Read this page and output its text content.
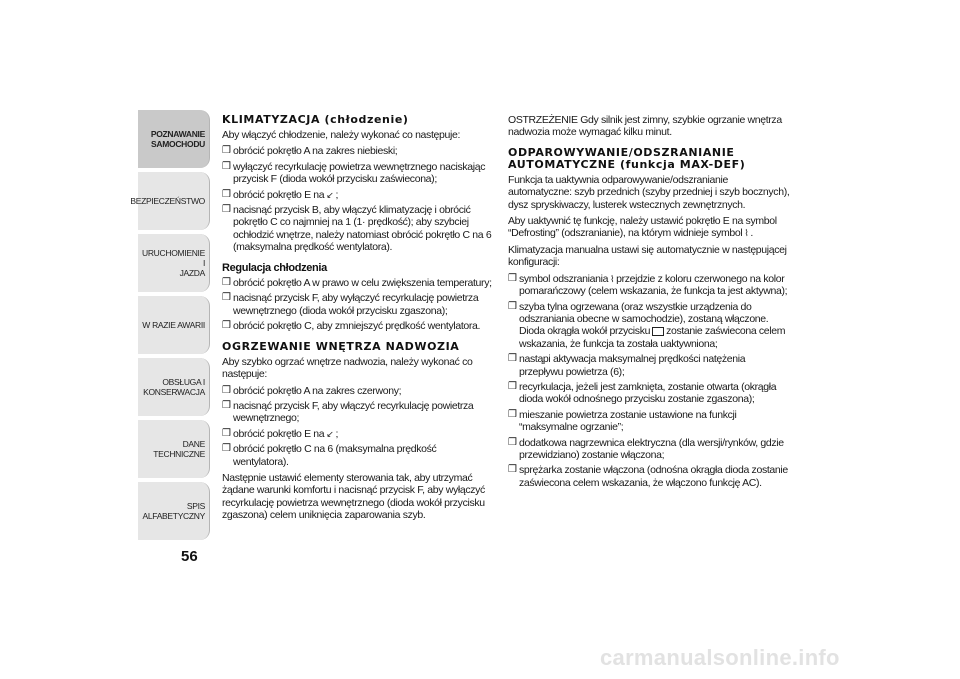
POZNAWANIE
SAMOCHODU
BEZPIECZEŃSTWO
URUCHOMIENIE I
JAZDA
W RAZIE AWARII
OBSŁUGA I
KONSERWACJA
DANE TECHNICZNE
SPIS ALFABETYCZNY
56
KLIMATYZACJA (chłodzenie)

Aby włączyć chłodzenie, należy wykonać co następuje:

❒ obrócić pokrętło A na zakres niebieski;
❒ wyłączyć recyrkulację powietrza wewnętrznego naciskając przycisk F (dioda wokół przycisku zaświecona);
❒ obrócić pokrętło E na ↙ ;
❒ nacisnąć przycisk B, aby włączyć klimatyzację i obrócić pokrętło C co najmniej na 1 (1· prędkość); aby szybciej ochłodzić wnętrze, należy natomiast obrócić pokrętło C na 6 (maksymalna prędkość wentylatora).
Regulacja chłodzenia
❒ obrócić pokrętło A w prawo w celu zwiększenia temperatury;
❒ nacisnąć przycisk F, aby wyłączyć recyrkulację powietrza wewnętrznego (dioda wokół przycisku zgaszona);
❒ obrócić pokrętło C, aby zmniejszyć prędkość wentylatora.
OGRZEWANIE WNĘTRZA NADWOZIA

Aby szybko ogrzać wnętrze nadwozia, należy wykonać co następuje:

❒ obrócić pokrętło A na zakres czerwony;
❒ nacisnąć przycisk F, aby włączyć recyrkulację powietrza wewnętrznego;
❒ obrócić pokrętło E na ↙ ;
❒ obrócić pokrętło C na 6 (maksymalna prędkość wentylatora).

Następnie ustawić elementy sterowania tak, aby utrzymać żądane warunki komfortu i nacisnąć przycisk F, aby wyłączyć recyrkulację powietrza wewnętrznego (dioda wokół przycisku zgaszona) celem uniknięcia zaparowania szyb.

OSTRZEŻENIE Gdy silnik jest zimny, szybkie ogrzanie wnętrza nadwozia może wymagać kilku minut.

ODPAROWYWANIE/ODSZRANIANIE AUTOMATYCZNE (funkcja MAX-DEF)

Funkcja ta uaktywnia odparowywanie/odszranianie automatyczne: szyb przednich (szyby przedniej i szyb bocznych), dysz spryskiwaczy, lusterek wstecznych zewnętrznych.

Aby uaktywnić tę funkcję, należy ustawić pokrętło E na symbol “Defrosting” (odszranianie), na którym widnieje symbol ⌇ .

Klimatyzacja manualna ustawi się automatycznie w następującej konfiguracji:

❒ symbol odszraniania ⌇ przejdzie z koloru czerwonego na kolor pomarańczowy (celem wskazania, że funkcja ta jest aktywna);
❒ szyba tylna ogrzewana (oraz wszystkie urządzenia do odszraniania obecne w samochodzie), zostaną włączone. Dioda okrągła wokół przycisku zostanie zaświecona celem wskazania, że funkcja ta została uaktywniona;
❒ nastąpi aktywacja maksymalnej prędkości natężenia przepływu powietrza (6);
❒ recyrkulacja, jeżeli jest zamknięta, zostanie otwarta (okrągła dioda wokół odnośnego przycisku zostanie zgaszona);
❒ mieszanie powietrza zostanie ustawione na funkcji “maksymalne ogrzanie”;
❒ dodatkowa nagrzewnica elektryczna (dla wersji/rynków, gdzie przewidziano) zostanie włączona;
❒ sprężarka zostanie włączona (odnośna okrągła dioda zostanie zaświecona celem wskazania, że włączono funkcję AC).
carmanualsonline.info
